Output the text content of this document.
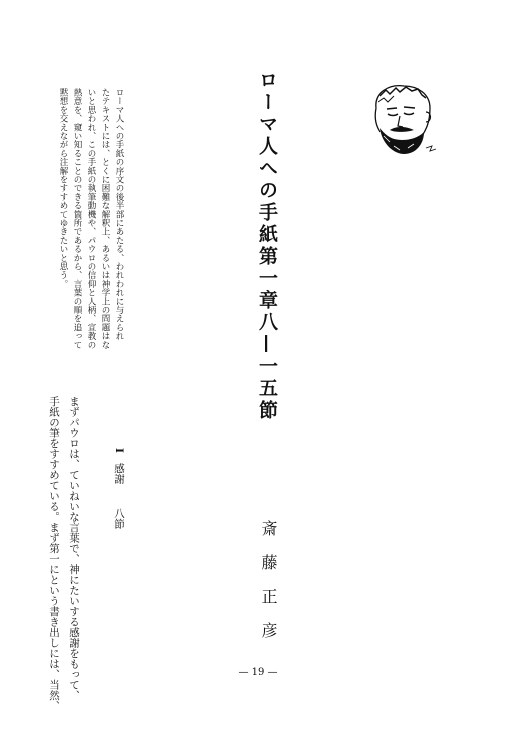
ローマ人への手紙第一章八—一五節
斎藤正彦
ローマ人への手紙の序文の後半部にあたる、われわれに与えられ
たテキストには、とくに困難な解釈上、あるいは神学上の問題はな
いと思われ、この手紙の執筆動機や、パウロの信仰と人柄、宣教の
熱意を、窺い知ることのできる箇所であるから、言葉の順を追って
黙想を交えながら注解をすすめてゆきたいと思う。
I感謝八節
まずパウロは、ていねいな言葉で、神にたいする感謝をもって、
手紙の筆をすすめている。まず第一にという書き出しには、当然、	— 19 —
